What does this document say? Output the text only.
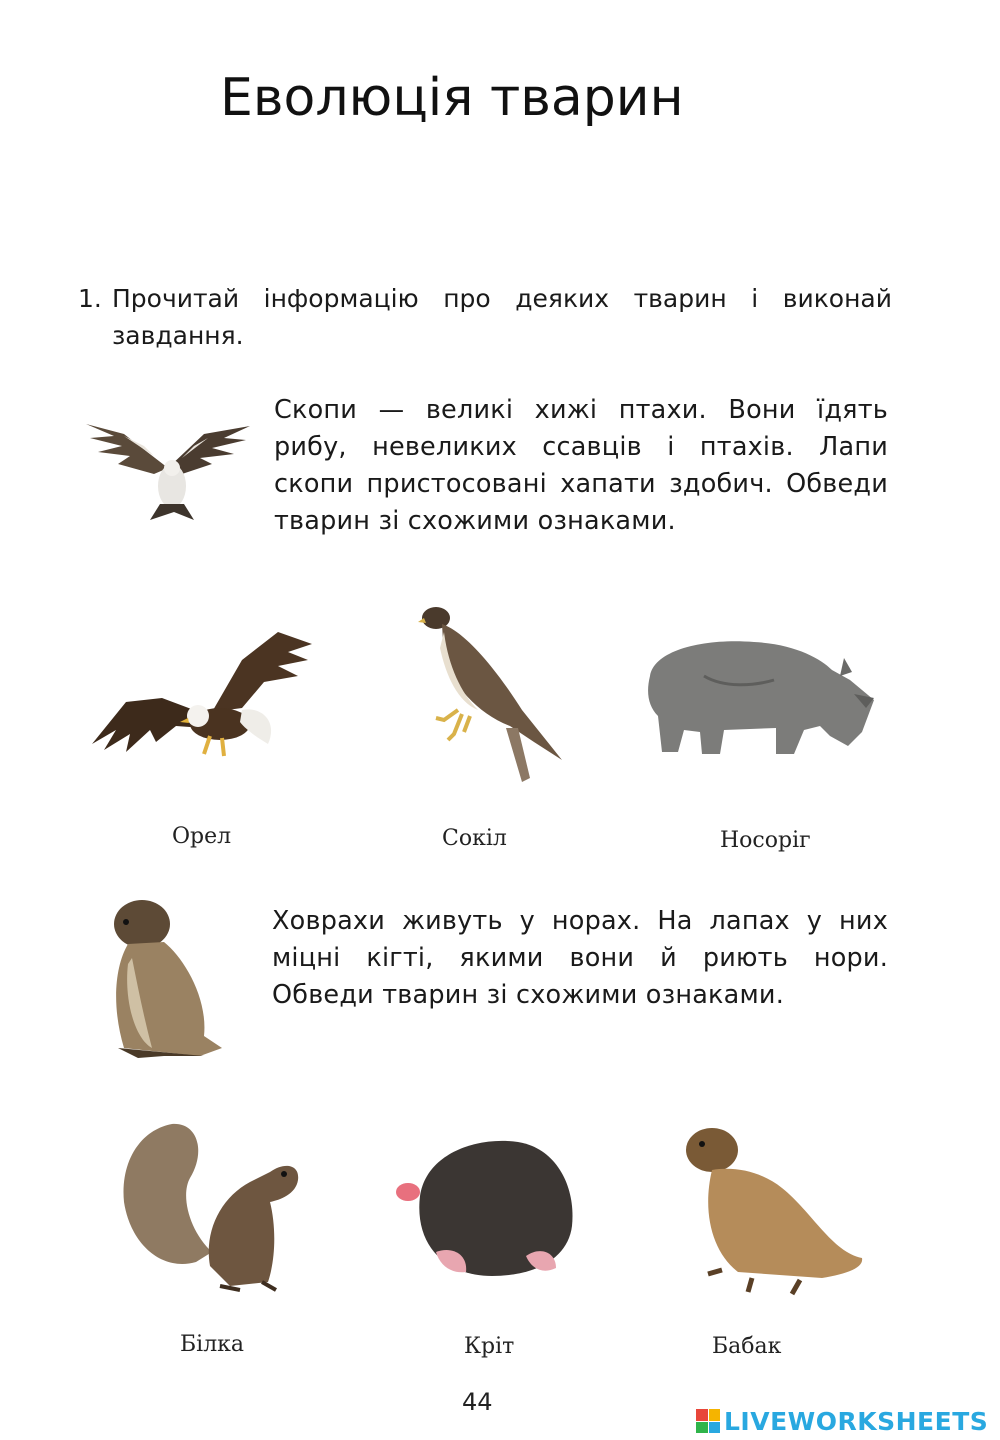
Еволюція тварин
1. Прочитай інформацію про деяких тварин і виконай завдання.

Скопи — великі хижі птахи. Вони їдять рибу, невеликих ссавців і птахів. Лапи скопи пристосовані хапати здобич. Обведи тварин зі схожими ознаками.

Орел	Сокіл	Носоріг

Ховрахи живуть у норах. На лапах у них міцні кігті, якими вони й риють нори. Обведи тварин зі схожими ознаками.

Білка	Кріт	Бабак
44
LIVEWORKSHEETS
